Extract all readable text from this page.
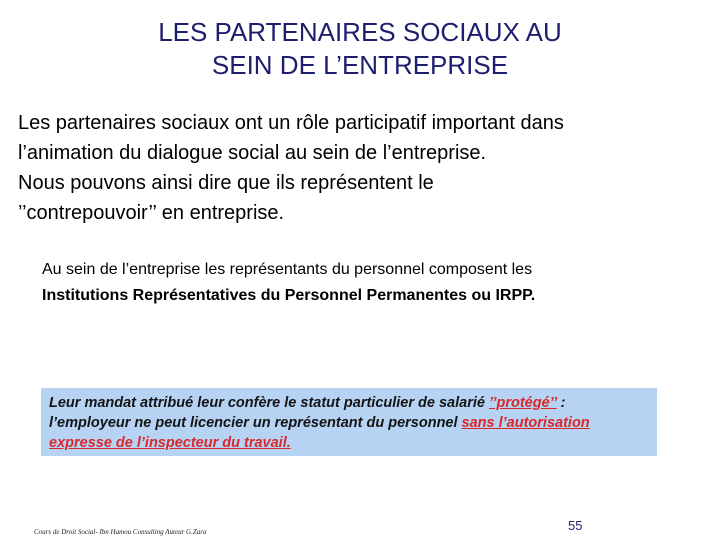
LES PARTENAIRES SOCIAUX AU
SEIN DE L’ENTREPRISE
Les partenaires sociaux ont un rôle participatif important dans
l’animation du dialogue social au sein de l’entreprise.
Nous pouvons ainsi dire que ils représentent le
’’contrepouvoir’’ en entreprise.
Au sein de l’entreprise les représentants du personnel composent les
Institutions Représentatives du Personnel Permanentes ou IRPP.
Leur mandat attribué leur confère le statut particulier de salarié ’’protégé’’ :
l’employeur ne peut licencier un représentant du personnel sans l’autorisation
expresse de l’inspecteur du travail.
Cours de Droit Social- Ibn Hamou Consulting Auteur G.Zara	55
